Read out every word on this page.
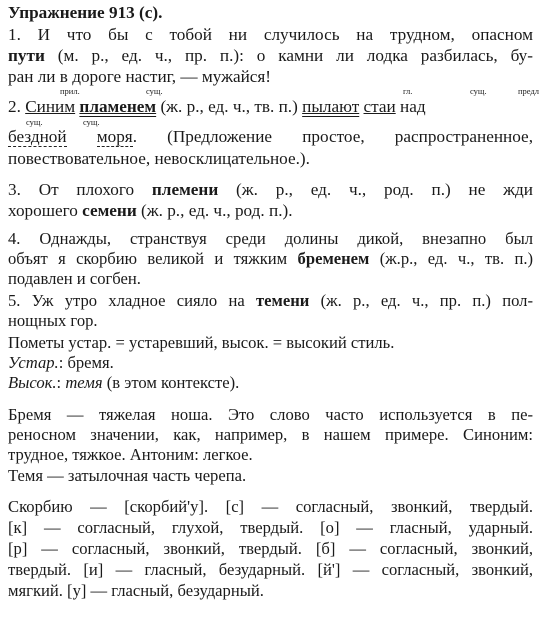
Упражнение 913 (с).
1. И что бы с тобой ни случилось на трудном, опасном
пути (м. р., ед. ч., пр. п.): о камни ли лодка разбилась, бу-
ран ли в дороге настиг, — мужайся!
прил.	сущ.	гл.	сущ.	предл
сущ.	сущ.
2. Синим пламенем (ж. р., ед. ч., тв. п.) пылают стаи над
бездной моря. (Предложение простое, распространенное,
повествовательное, невосклицательное.).
3. От плохого племени (ж. р., ед. ч., род. п.) не жди
хорошего семени (ж. р., ед. ч., род. п.).
4. Однажды, странствуя среди долины дикой, внезапно был
объят я скорбию великой и тяжким бременем (ж.р., ед. ч., тв. п.)
подавлен и согбен.
5. Уж утро хладное сияло на темени (ж. р., ед. ч., пр. п.) пол-
нощных гор.
Пометы устар. = устаревший, высок. = высокий стиль.
Устар.: бремя.
Высок.: темя (в этом контексте).
Бремя — тяжелая ноша. Это слово часто используется в пе-
реносном значении, как, например, в нашем примере. Синоним:
трудное, тяжкое. Антоним: легкое.
Темя — затылочная часть черепа.
Скорбию — [скорбий'у]. [с] — согласный, звонкий, твердый.
[к] — согласный, глухой, твердый. [о] — гласный, ударный.
[р] — согласный, звонкий, твердый. [б] — согласный, звонкий,
твердый. [и] — гласный, безударный. [й'] — согласный, звонкий,
мягкий. [у] — гласный, безударный.
